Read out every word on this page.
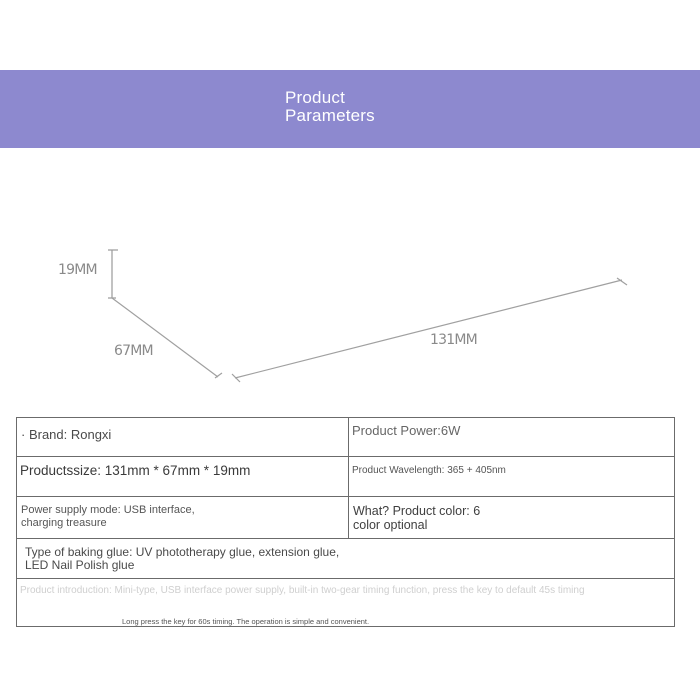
Product
Parameters
19MM
67MM
131MM
· Brand: Rongxi	Product Power:6W
Productssize: 131mm * 67mm * 19mm	Product Wavelength: 365 + 405nm
Power supply mode: USB interface,
charging treasure
What? Product color: 6
color optional
Type of baking glue: UV phototherapy glue, extension glue,
LED Nail Polish glue
Product introduction: Mini-type, USB interface power supply, built-in two-gear timing function, press the key to default 45s timing
Long press the key for 60s timing. The operation is simple and convenient.
